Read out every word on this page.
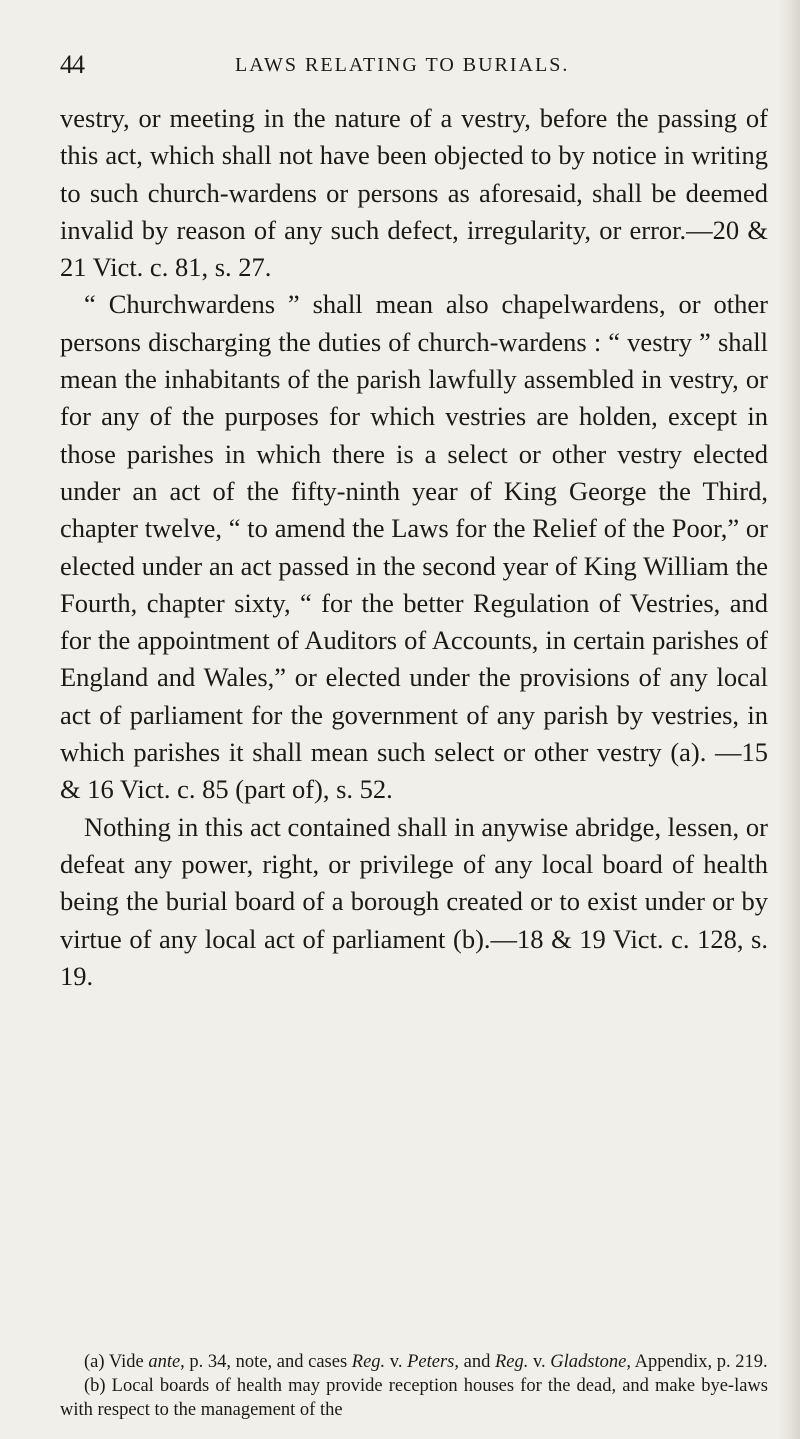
44	LAWS RELATING TO BURIALS.

vestry, or meeting in the nature of a vestry, before the passing of this act, which shall not have been objected to by notice in writing to such church-wardens or persons as aforesaid, shall be deemed invalid by reason of any such defect, irregularity, or error.—20 & 21 Vict. c. 81, s. 27.

“ Churchwardens ” shall mean also chapelwardens, or other persons discharging the duties of church-wardens : “ vestry ” shall mean the inhabitants of the parish lawfully assembled in vestry, or for any of the purposes for which vestries are holden, except in those parishes in which there is a select or other vestry elected under an act of the fifty-ninth year of King George the Third, chapter twelve, “ to amend the Laws for the Relief of the Poor,” or elected under an act passed in the second year of King William the Fourth, chapter sixty, “ for the better Regulation of Vestries, and for the appointment of Auditors of Accounts, in certain parishes of England and Wales,” or elected under the provisions of any local act of parliament for the government of any parish by vestries, in which parishes it shall mean such select or other vestry (a). —15 & 16 Vict. c. 85 (part of), s. 52.

Nothing in this act contained shall in anywise abridge, lessen, or defeat any power, right, or privilege of any local board of health being the burial board of a borough created or to exist under or by virtue of any local act of parliament (b).—18 & 19 Vict. c. 128, s. 19.

(a) Vide ante, p. 34, note, and cases Reg. v. Peters, and Reg. v. Gladstone, Appendix, p. 219.

(b) Local boards of health may provide reception houses for the dead, and make bye-laws with respect to the management of the
